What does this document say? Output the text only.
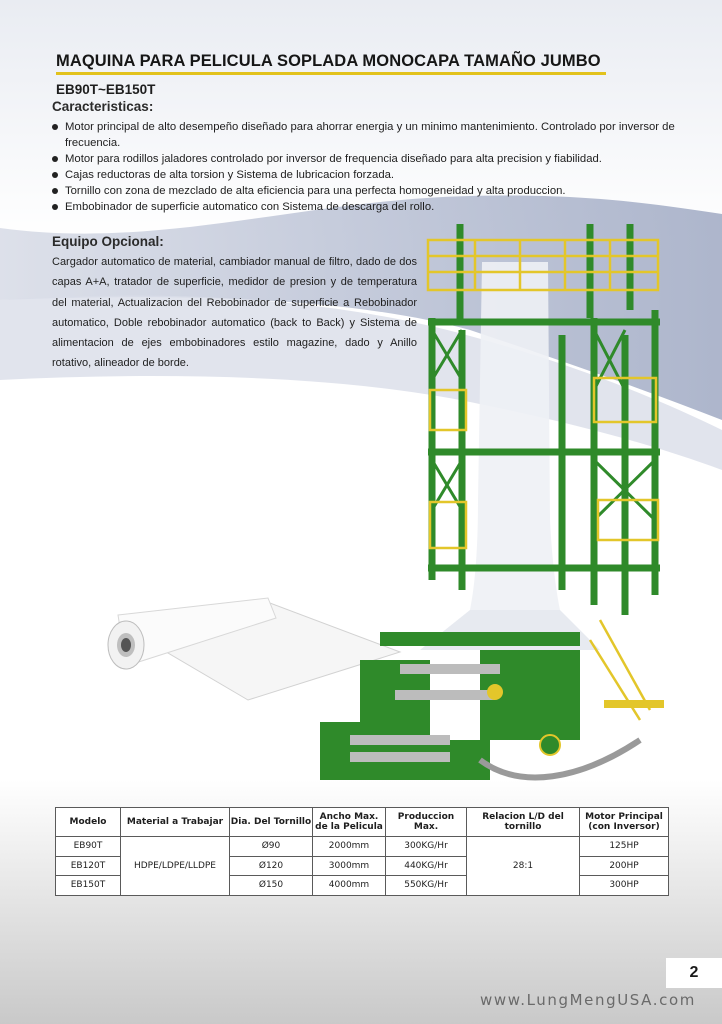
MAQUINA PARA PELICULA SOPLADA MONOCAPA TAMAÑO JUMBO
EB90T~EB150T
Caracteristicas:
Motor principal de alto desempeño diseñado para ahorrar energia y un minimo mantenimiento. Controlado por inversor de frecuencia.
Motor para rodillos jaladores controlado por inversor de frequencia diseñado para alta precision y fiabilidad.
Cajas reductoras de alta torsion y Sistema de lubricacion forzada.
Tornillo con zona de mezclado de alta eficiencia para una perfecta homogeneidad y alta produccion.
Embobinador de superficie automatico con Sistema de descarga del rollo.
Equipo Opcional:

Cargador automatico de material, cambiador manual de filtro, dado de dos capas A+A, tratador de superficie, medidor de presion y de temperatura del material, Actualizacion del Rebobinador de superficie a Rebobinador automatico, Doble rebobinador automatico (back to Back) y Sistema de alimentacion de ejes embobinadores estilo magazine, dado y Anillo rotativo, alineador de borde.

Modelo	Material a Trabajar	Dia. Del Tornillo	Ancho Max. de la Pelicula	Produccion Max.	Relacion L/D del tornillo	Motor Principal (con Inversor)
EB90T	HDPE/LDPE/LLDPE	Ø90	2000mm	300KG/Hr	28:1	125HP
EB120T		Ø120	3000mm	440KG/Hr		200HP
EB150T		Ø150	4000mm	550KG/Hr		300HP
2
www.LungMengUSA.com
